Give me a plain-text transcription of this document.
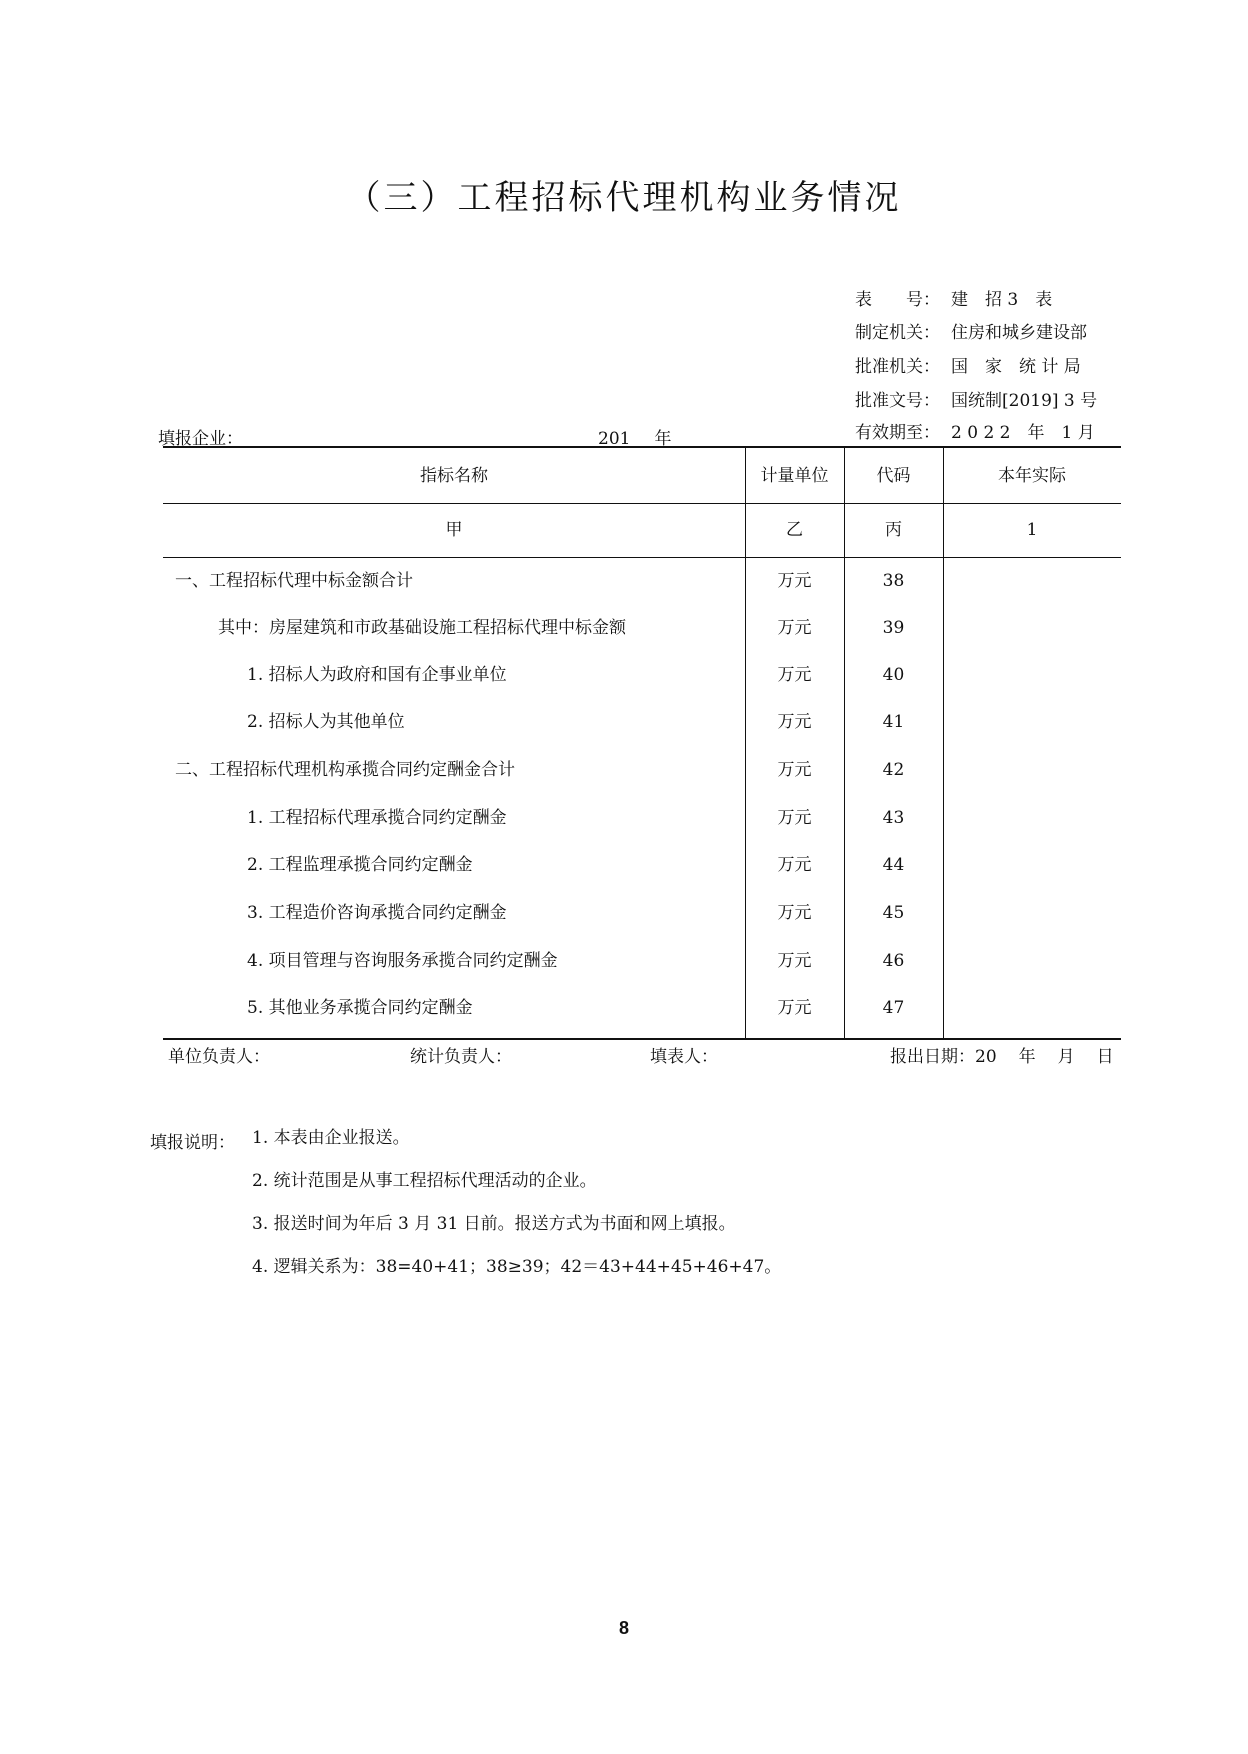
（三）工程招标代理机构业务情况
表　　号： 建　招 3　表
制定机关： 住房和城乡建设部
批准机关： 国　家　统 计 局
批准文号： 国统制[2019] 3 号
有效期至： 2 0 2 2　年　1 月
填报企业：	201 年
指标名称	计量单位	代码	本年实际
甲	乙	丙	1
一、工程招标代理中标金额合计	万元	38
其中：房屋建筑和市政基础设施工程招标代理中标金额	万元	39
1. 招标人为政府和国有企事业单位	万元	40
2. 招标人为其他单位	万元	41
二、工程招标代理机构承揽合同约定酬金合计	万元	42
1. 工程招标代理承揽合同约定酬金	万元	43
2. 工程监理承揽合同约定酬金	万元	44
3. 工程造价咨询承揽合同约定酬金	万元	45
4. 项目管理与咨询服务承揽合同约定酬金	万元	46
5. 其他业务承揽合同约定酬金	万元	47
单位负责人：	统计负责人：	填表人：	报出日期：20 年 月 日
填报说明： 1. 本表由企业报送。
2. 统计范围是从事工程招标代理活动的企业。
3. 报送时间为年后 3 月 31 日前。报送方式为书面和网上填报。
4. 逻辑关系为：38=40+41；38≥39；42＝43+44+45+46+47。
8
